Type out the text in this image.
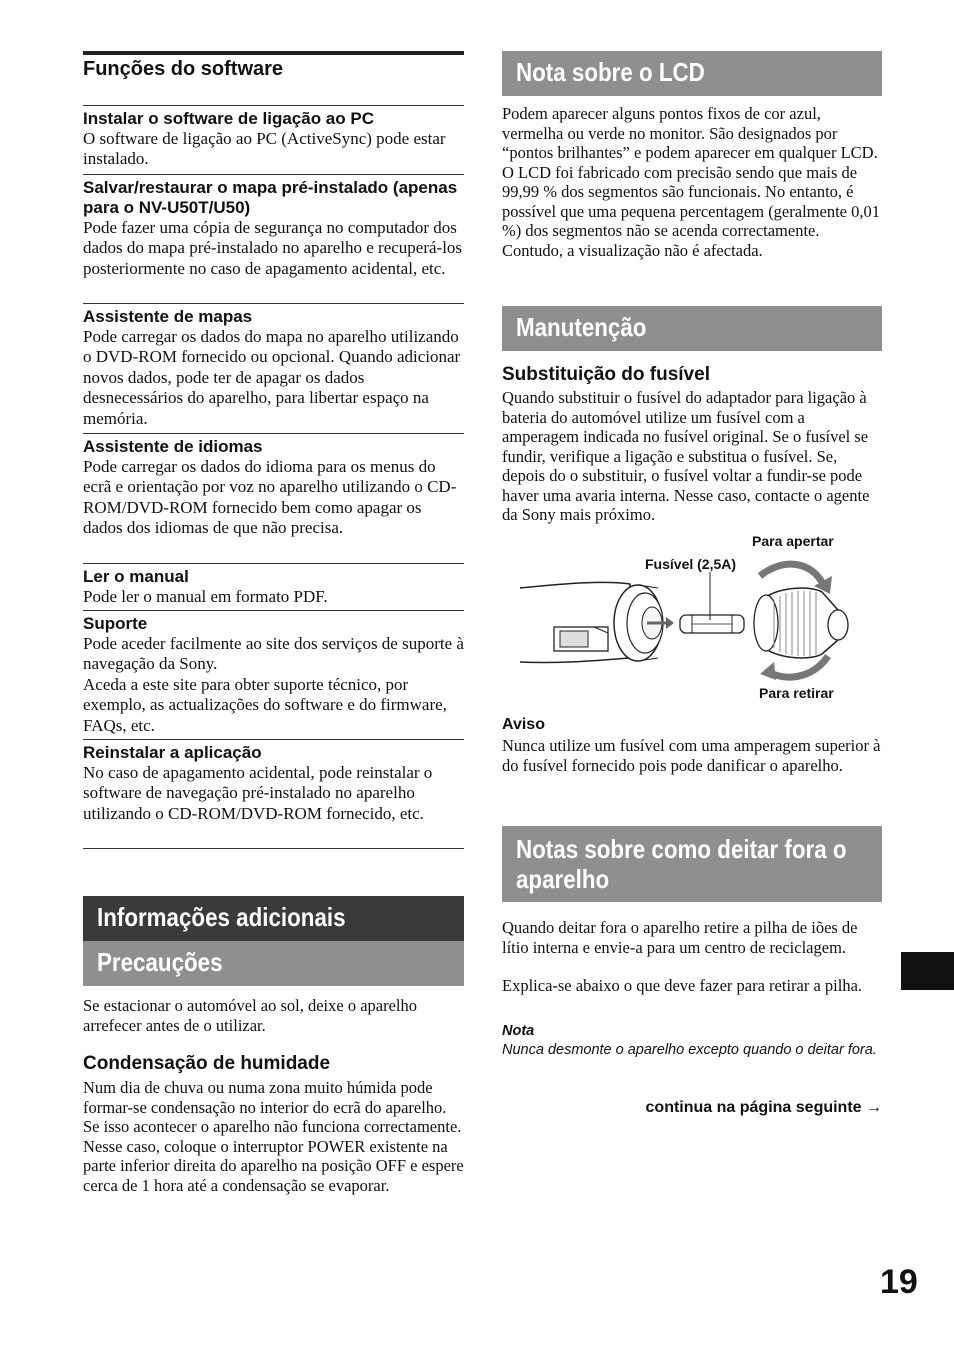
Funções do software
Instalar o software de ligação ao PC

O software de ligação ao PC (ActiveSync) pode estar instalado.

Salvar/restaurar o mapa pré-instalado (apenas para o NV-U50T/U50)

Pode fazer uma cópia de segurança no computador dos dados do mapa pré-instalado no aparelho e recuperá-los posteriormente no caso de apagamento acidental, etc.

Assistente de mapas

Pode carregar os dados do mapa no aparelho utilizando o DVD-ROM fornecido ou opcional. Quando adicionar novos dados, pode ter de apagar os dados desnecessários do aparelho, para libertar espaço na memória.

Assistente de idiomas

Pode carregar os dados do idioma para os menus do ecrã e orientação por voz no aparelho utilizando o CD-ROM/DVD-ROM fornecido bem como apagar os dados dos idiomas de que não precisa.

Ler o manual

Pode ler o manual em formato PDF.

Suporte

Pode aceder facilmente ao site dos serviços de suporte à navegação da Sony.

Aceda a este site para obter suporte técnico, por exemplo, as actualizações do software e do firmware, FAQs, etc.

Reinstalar a aplicação

No caso de apagamento acidental, pode reinstalar o software de navegação pré-instalado no aparelho utilizando o CD-ROM/DVD-ROM fornecido, etc.

Informações adicionais
Precauções

Se estacionar o automóvel ao sol, deixe o aparelho arrefecer antes de o utilizar.

Condensação de humidade

Num dia de chuva ou numa zona muito húmida pode formar-se condensação no interior do ecrã do aparelho. Se isso acontecer o aparelho não funciona correctamente. Nesse caso, coloque o interruptor POWER existente na parte inferior direita do aparelho na posição OFF e espere cerca de 1 hora até a condensação se evaporar.

Nota sobre o LCD

Podem aparecer alguns pontos fixos de cor azul, vermelha ou verde no monitor. São designados por “pontos brilhantes” e podem aparecer em qualquer LCD. O LCD foi fabricado com precisão sendo que mais de 99,99 % dos segmentos são funcionais. No entanto, é possível que uma pequena percentagem (geralmente 0,01 %) dos segmentos não se acenda correctamente. Contudo, a visualização não é afectada.

Manutenção
Substituição do fusível

Quando substituir o fusível do adaptador para ligação à bateria do automóvel utilize um fusível com a amperagem indicada no fusível original. Se o fusível se fundir, verifique a ligação e substitua o fusível. Se, depois do o substituir, o fusível voltar a fundir-se pode haver uma avaria interna. Nesse caso, contacte o agente da Sony mais próximo.

Para apertar
Fusível (2,5A)
Para retirar
Aviso

Nunca utilize um fusível com uma amperagem superior à do fusível fornecido pois pode danificar o aparelho.

Notas sobre como deitar fora o
aparelho

Quando deitar fora o aparelho retire a pilha de iões de lítio interna e envie-a para um centro de reciclagem.

Explica-se abaixo o que deve fazer para retirar a pilha.

Nota

Nunca desmonte o aparelho excepto quando o deitar fora.

continua na página seguinte →
19
